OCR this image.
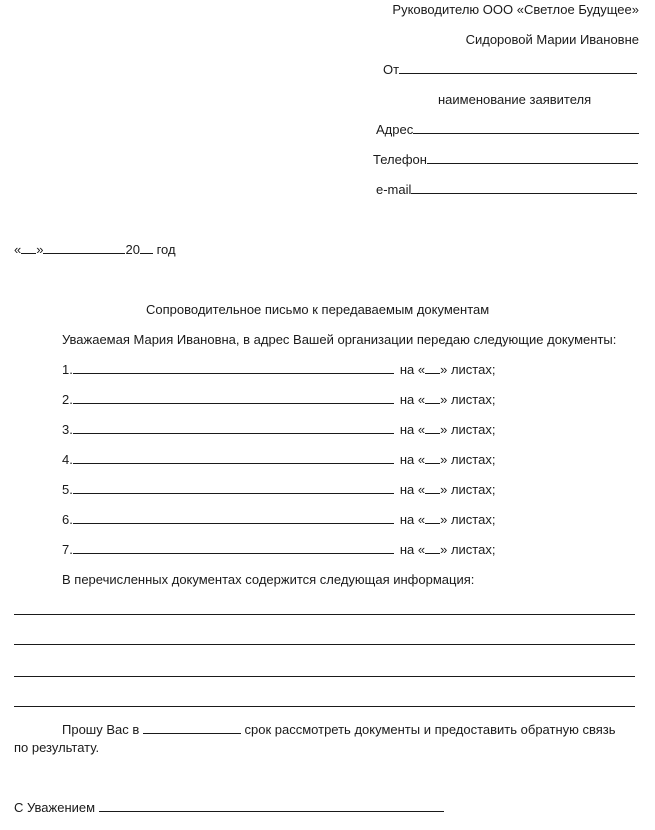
Руководителю ООО «Светлое Будущее»
Сидоровой Марии Ивановне
От
наименование заявителя
Адрес
Телефон
e-mail
« »	20 год
Сопроводительное письмо к передаваемым документам
Уважаемая Мария Ивановна, в адрес Вашей организации передаю следующие документы:
1.	на « » листах;
2.	на « » листах;
3.	на « » листах;
4.	на « » листах;
5.	на « » листах;
6.	на « » листах;
7.	на « » листах;
В перечисленных документах содержится следующая информация:
Прошу Вас в	срок рассмотреть документы и предоставить обратную связь
по результату.
С Уважением
